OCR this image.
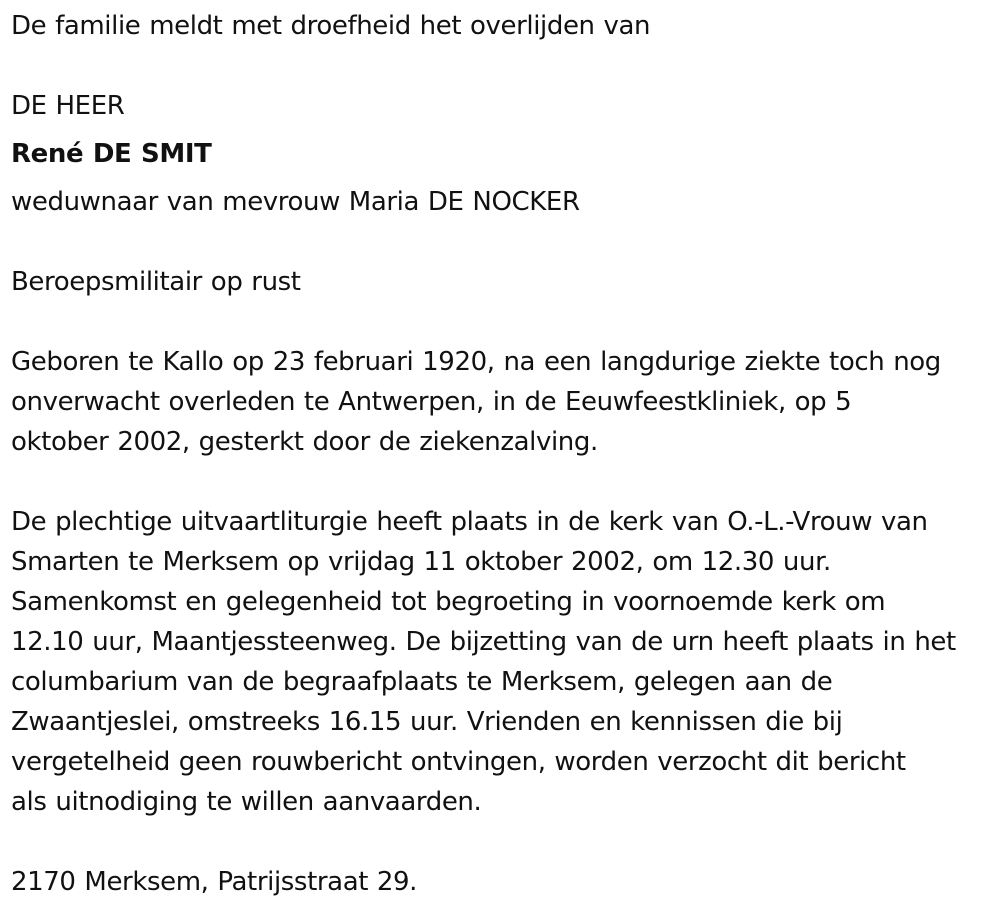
De familie meldt met droefheid het overlijden van

DE HEER

René DE SMIT

weduwnaar van mevrouw Maria DE NOCKER

Beroepsmilitair op rust

Geboren te Kallo op 23 februari 1920, na een langdurige ziekte toch nog

onverwacht overleden te Antwerpen, in de Eeuwfeestkliniek, op 5

oktober 2002, gesterkt door de ziekenzalving.

De plechtige uitvaartliturgie heeft plaats in de kerk van O.-L.-Vrouw van

Smarten te Merksem op vrijdag 11 oktober 2002, om 12.30 uur.

Samenkomst en gelegenheid tot begroeting in voornoemde kerk om

12.10 uur, Maantjessteenweg. De bijzetting van de urn heeft plaats in het

columbarium van de begraafplaats te Merksem, gelegen aan de

Zwaantjeslei, omstreeks 16.15 uur. Vrienden en kennissen die bij

vergetelheid geen rouwbericht ontvingen, worden verzocht dit bericht

als uitnodiging te willen aanvaarden.

2170 Merksem, Patrijsstraat 29.
